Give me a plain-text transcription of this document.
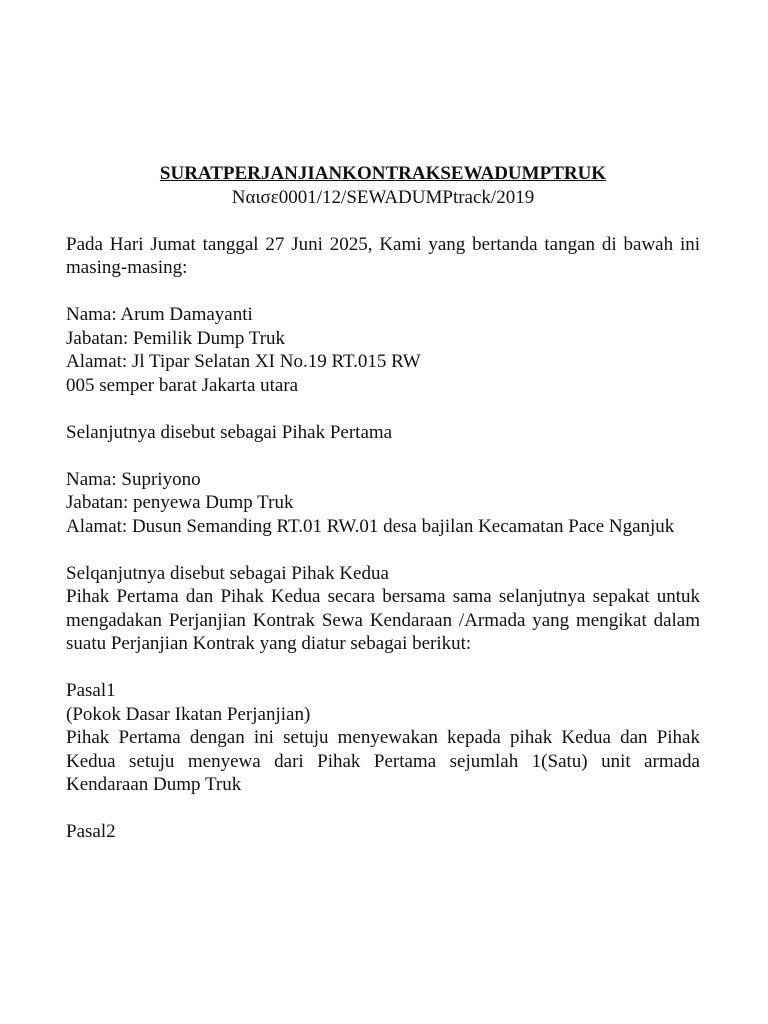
SURATPERJANJIANKONTRAKSEWADUMPTRUK
Nαισε0001/12/SEWADUMPtrack/2019

Pada Hari Jumat tanggal 27 Juni 2025, Kami yang bertanda tangan di bawah ini masing-masing:

Nama: Arum Damayanti

Jabatan: Pemilik Dump Truk

Alamat: Jl Tipar Selatan XI No.19 RT.015 RW

005 semper barat Jakarta utara

Selanjutnya disebut sebagai Pihak Pertama

Nama: Supriyono

Jabatan: penyewa Dump Truk

Alamat: Dusun Semanding RT.01 RW.01 desa bajilan Kecamatan Pace Nganjuk

Selqanjutnya disebut sebagai Pihak Kedua

Pihak Pertama dan Pihak Kedua secara bersama sama selanjutnya sepakat untuk mengadakan Perjanjian Kontrak Sewa Kendaraan /Armada yang mengikat dalam suatu Perjanjian Kontrak yang diatur sebagai berikut:

Pasal1

(Pokok Dasar Ikatan Perjanjian)

Pihak Pertama dengan ini setuju menyewakan kepada pihak Kedua dan Pihak Kedua setuju menyewa dari Pihak Pertama sejumlah 1(Satu) unit armada Kendaraan Dump Truk

Pasal2
